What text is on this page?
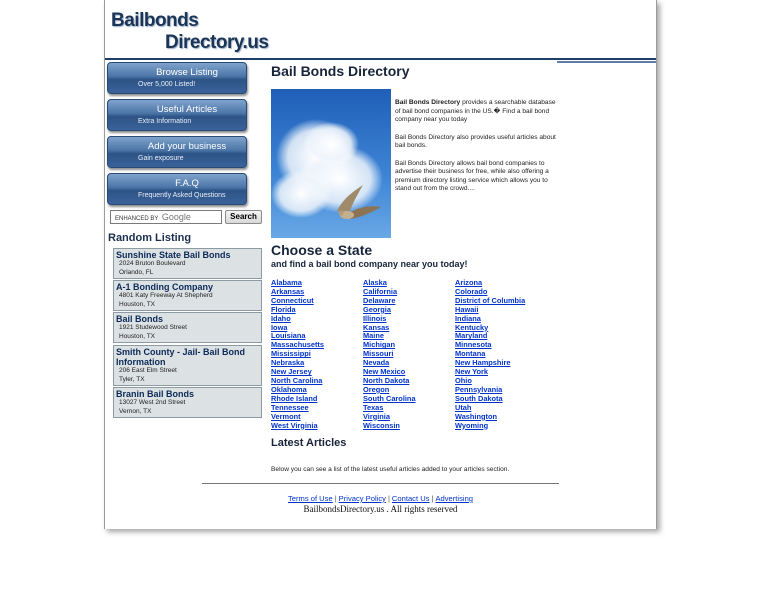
Bailbonds
Directory.us
Browse Listing
Over 5,000 Listed!
Useful Articles
Extra Information
Add your business
Gain exposure
F.A.Q
Frequently Asked Questions
ENHANCED BY Google	Search
Random Listing
Sunshine State Bail Bonds
2024 Bruton Boulevard
Orlando, FL
A-1 Bonding Company
4801 Katy Freeway At Shepherd
Houston, TX
Bail Bonds
1921 Studewood Street
Houston, TX
Smith County - Jail- Bail Bond Information
206 East Elm Street
Tyler, TX
Branin Bail Bonds
13027 West 2nd Street
Vernon, TX
Bail Bonds Directory

Bail Bonds Directory provides a searchable database of bail bond companies in the US.� Find a bail bond company near you today

Bail Bonds Directory also provides useful articles about bail bonds.

Bail Bonds Directory allows bail bond companies to advertise their business for free, while also offering a premium directory listing service which allows you to stand out from the crowd....

Choose a State
and find a bail bond company near you today!
Alabama
Arkansas
Connecticut
Florida
Idaho
Iowa
Louisiana
Massachusetts
Mississippi
Nebraska
New Jersey
North Carolina
Oklahoma
Rhode Island
Tennessee
Vermont
West Virginia
Alaska
California
Delaware
Georgia
Illinois
Kansas
Maine
Michigan
Missouri
Nevada
New Mexico
North Dakota
Oregon
South Carolina
Texas
Virginia
Wisconsin
Arizona
Colorado
District of Columbia
Hawaii
Indiana
Kentucky
Maryland
Minnesota
Montana
New Hampshire
New York
Ohio
Pennsylvania
South Dakota
Utah
Washington
Wyoming
Latest Articles
Below you can see a list of the latest useful articles added to your articles section.
Terms of Use | Privacy Policy | Contact Us | Advertising
BailbondsDirectory.us . All rights reserved
